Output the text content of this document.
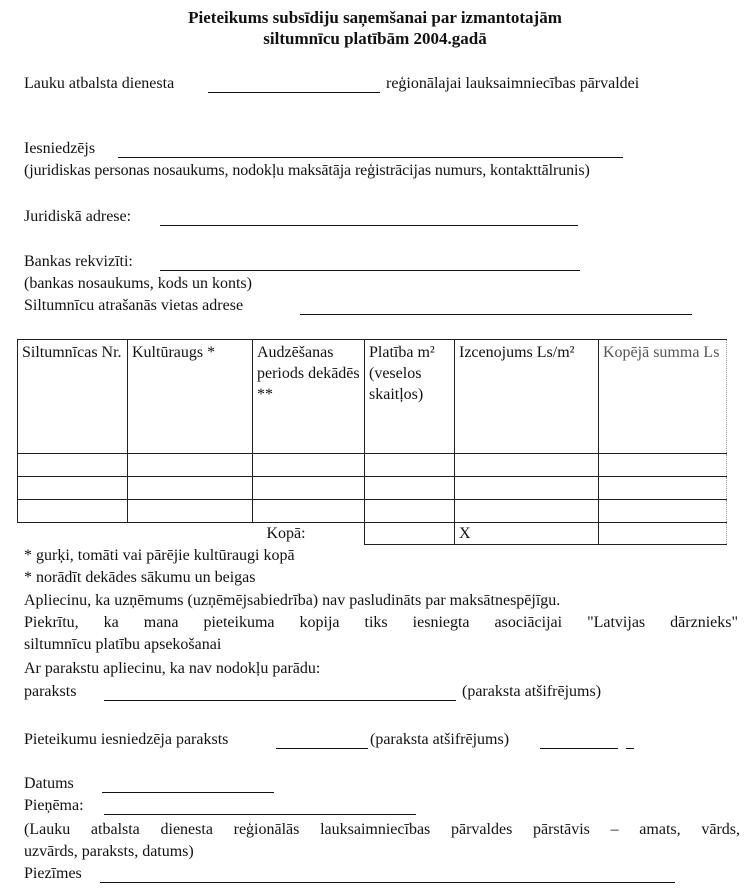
Pieteikums subsīdiju saņemšanai par izmantotajām
siltumnīcu platībām 2004.gadā
Lauku atbalsta dienesta	reģionālajai lauksaimniecības pārvaldei
Iesniedzējs
(juridiskas personas nosaukums, nodokļu maksātāja reģistrācijas numurs, kontakttālrunis)
Juridiskā adrese:
Bankas rekvizīti:
(bankas nosaukums, kods un konts)
Siltumnīcu atrašanās vietas adrese
Siltumnīcas Nr.	Kultūraugs *	Audzēšanas periods dekādēs **	Platība m² (veselos skaitļos)	Izcenojums Ls/m²	Kopējā summa Ls

		Kopā:		X	
* gurķi, tomāti vai pārējie kultūraugi kopā
* norādīt dekādes sākumu un beigas
Apliecinu, ka uzņēmums (uzņēmējsabiedrība) nav pasludināts par maksātnespējīgu.
Piekrītu, ka mana pieteikuma kopija tiks iesniegta asociācijai "Latvijas dārznieks"
siltumnīcu platību apsekošanai
Ar parakstu apliecinu, ka nav nodokļu parādu:
paraksts	(paraksta atšifrējums)
Pieteikumu iesniedzēja paraksts	(paraksta atšifrējums)
Datums
Pieņēma:
(Lauku atbalsta dienesta reģionālās lauksaimniecības pārvaldes pārstāvis – amats, vārds,
uzvārds, paraksts, datums)
Piezīmes
